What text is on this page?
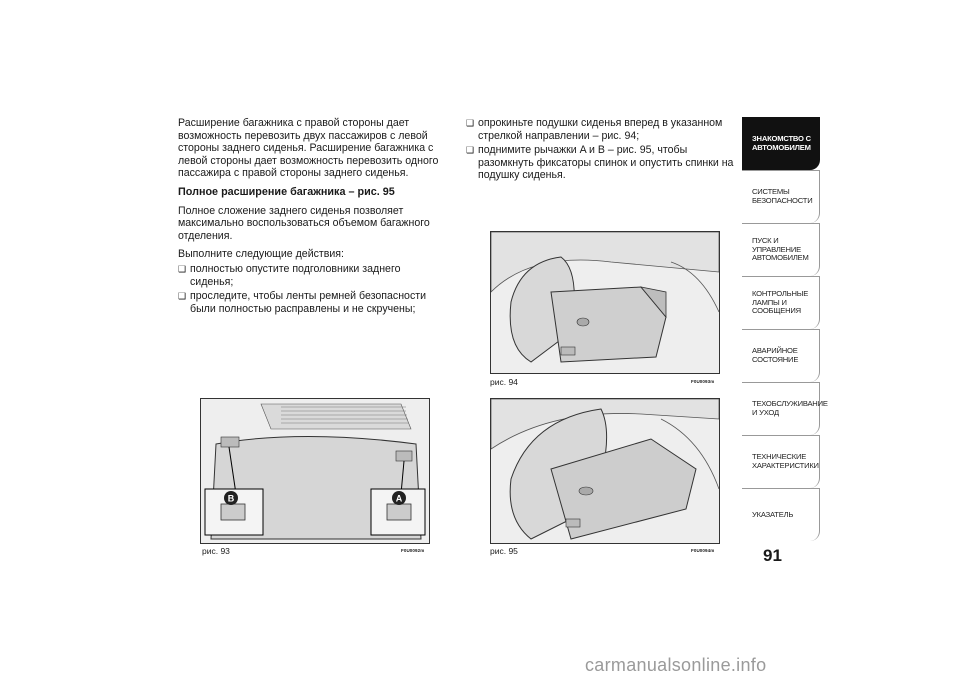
Расширение багажника с правой стороны дает возможность перевозить двух пассажиров с левой стороны заднего сиденья. Расширение багажника с левой стороны дает возможность перевозить одного пассажира с правой стороны заднего сиденья.

Полное расширение багажника – рис. 95

Полное сложение заднего сиденья позволяет максимально воспользоваться объемом багажного отделения.

Выполните следующие действия:

❑ полностью опустите подголовники заднего сиденья;
❑ проследите, чтобы ленты ремней безопасности были полностью расправлены и не скручены;
❑ опрокиньте подушки сиденья вперед в указанном стрелкой направлении – рис. 94;
❑ поднимите рычажки A и B – рис. 95, чтобы разомкнуть фиксаторы спинок и опустить спинки на подушку сиденья.
рис. 94	F0U0093m
B	A
рис. 93	F0U0092m	рис. 95	F0U0094m
ЗНАКОМСТВО С АВТОМОБИЛЕМ
СИСТЕМЫ БЕЗОПАСНОСТИ
ПУСК И УПРАВЛЕНИЕ АВТОМОБИЛЕМ
КОНТРОЛЬНЫЕ ЛАМПЫ И СООБЩЕНИЯ
АВАРИЙНОЕ СОСТОЯНИЕ
ТЕХОБСЛУЖИВАНИЕ И УХОД
ТЕХНИЧЕСКИЕ ХАРАКТЕРИСТИКИ
УКАЗАТЕЛЬ
91
carmanualsonline.info
